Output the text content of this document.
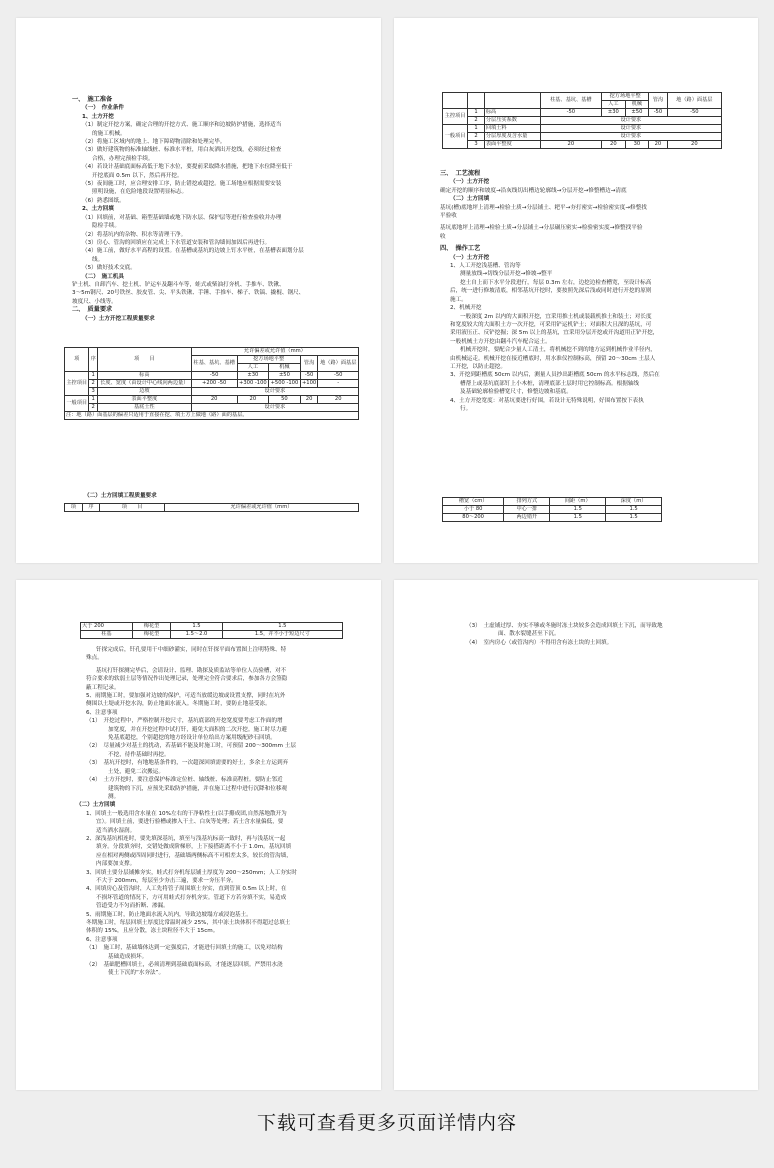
一、　施工准备

（一）　作业条件

1、土方开挖

（1）制定开挖方案，确定合理的开挖方式、施工顺序和边坡防护措施，选择适当

的施工机械。

（2）将施工区域内的地上、地下障碍物清除和处理完毕。

（3）做好建筑物的标准轴线桩、标准水平桩，用白灰洒出开挖线，必须经过检查

合格，办理完预检手续。

（4）若设计基础底面标高低于地下水位，要提前采取降水措施，把地下水位降至低于

开挖底面 0.5m 以下，然后再开挖。

（5）夜间施工时，应合理安排工序，防止错挖或超挖。施工场地应根据需要安装

照明设施，在危险地段设置明显标志。

（6）熟悉图纸。

2、土方回填

（1）回填前，对基础、箱型基础墙或地下防水层、保护层等进行检查验收并办理

隐检手续。

（2）将基坑内的杂物、积水等清理干净。

（3）房心、管沟的回填应在完成上下水管道安装和管沟墙间加固后再进行。

（4）施工前，做好水平高程的设置。在基槽或基坑的边坡上钉水平桩，在基槽表面划分层

线。

（5）做好技术交底。

（二）　施工机具

铲土机、自卸汽车、挖土机、铲运车及翻斗车等，蛙式或柴油打夯机、手推车、铁锹、

3～5m钢尺、20号铁丝、胶皮管、尖、平头铁锹、手锤、手推车、梯子、铁镐、撬棍、钢尺、

坡度尺、小线等。

二、　质量要求

（一）土方开挖工程质量要求

项	序	项　　目	允许偏差或允许值（mm）				
			柱基、基坑、基槽	挖方场地平整		管沟	地（路）面基层
				人工	机械		
主控项目	1	标高	-50	±30	±50	-50	-50
	2	长度、宽度（由设计中心线向两边量）	+200 -50	+300 -100	+500 -100	+100	-
	3	边坡	设计要求				
一般项目	1	表面平整度	20	20	50	20	20
	2	基底土性	设计要求				
注：地（路）面基层的偏差只适用于直接在挖、填土方上做地（路）面的基层。							

（二）土方回填工程质量要求

项	序	项　　目	允许偏差或允许值（mm）
			柱基、基坑、基槽	挖方场地平整		管沟	地（路）面基层
				人工	机械		
主控项目	1	标高	-50	±30	±50	-50	-50
	2	分层压实系数	设计要求				
一般项目	1	回填土料	设计要求				
	2	分层厚度及含水量	设计要求				
	3	表面平整度	20	20	30	20	20

三、　工艺流程

（一）土方开挖

确定开挖的顺序和坡度→沿灰线切出槽边轮廓线→分层开挖→修整槽边→清底

（二）土方回填

基坑(槽)底地坪上清理→检验土质→分层铺土、耙平→夯打密实→检验密实度→修整找

平验收

基坑底地坪上清理→检验土质→分层铺土→分层碾压密实→检验密实度→修整找平验

收

四、　操作工艺

（一）土方开挖

1、人工开挖浅基槽、管沟等

测量放线→切线分层开挖→修坡→整平

挖土自上而下水平分段进行，每层 0.3m 左右，边挖边检查槽宽，至设计标高

后，统一进行修坡清底，相邻基坑开挖时，要按照先深后浅或同时进行开挖的原则

施工。

2、机械开挖

一般深度 2m 以内的大面积开挖，宜采用推土机或装载机推土和装土；对长度

和宽度较大的大面积土方一次开挖，可采用铲运机铲土；对面积大且深的基坑，可

采用液压正、反铲挖掘；深 5m 以上的基坑，宜采用分层开挖或开沟道用正铲开挖，

一般机械土方开挖由翻斗汽车配合运土。

机械开挖时，要配合少量人工清土，将机械挖不到的地方运到机械作业半径内，

由机械运走。机械开挖在接近槽底时，用水准仪控制标高，预留 20～30cm 土层人

工开挖，以防止超挖。

3、开挖到距槽底 50cm 以内后，测量人员抄出距槽底 50cm 的水平标志线，然后在

槽帮上或基坑底部钉上小木桩，清理底部土层时用它控制标高。根据轴线

及基础轮廓检验槽宽尺寸，修整边坡和基底。

4、土方开挖宽度：对基坑要进行好围，若设计无特殊说明，好围布置按下表执

行。

槽宽（cm）	排列方式	间距（m）	深度（m）
小于 80	中心一排	1.5	1.5
80～200	两边错开	1.5	1.5
大于 200	梅花型	1.5	1.5
柱基	梅花型	1.5～2.0	1.5，并不小于短边尺寸

钎探完成后，钎孔要用干中细砂灌实，同时在钎探平面布置图上注明特殊、特

殊点。

基坑打钎探测完毕后，会请设计、监理、勘探及质监站等单位人员验槽，对不

符合要求的软弱土层等情况作出处理记录，处理完全符合要求后，参加各方会签隐

蔽工程记录。

5、雨期施工时，要加强对边坡的保护，可适当放缓边坡或设置支撑，同时在坑外

侧围以土堤或开挖水沟，防止地面水流入。冬期施工时，要防止地基受冻。

6、注意事项

（1）　开挖过程中，严格控制开挖尺寸，基坑底部的开挖宽度要考虑工作面的增

加宽度，并在开挖过程中试打钎，避免大面积的二次开挖。施工时尽力避

免基底超挖，个别超挖的地方经设计单位给出方案用级配砂石回填。

（2）　尽量减少对基土的扰动，若基础不能及时施工时，可预留 200～300mm 土层

不挖，待作基础时再挖。

（3）　基坑开挖时，有地地基条件的，一次超深回填需要的好土，多余土方运到弃

土处，避免二次搬运。

（4）　土方开挖时，要注意保护标准定位桩、轴线桩、标准高程桩。要防止邻近

建筑物的下沉，应预先采取防护措施，并在施工过程中进行沉降和位移观

测。

（二）土方回填

1、回填土一般选用含水量在 10%左右的干净粘性土(以手攥成团,自然落地散开为

宜）。回填土前，要进行验槽或掺入干土、白灰等处理；若土含水量偏低，要

适当洒水湿润。

2、深浅基坑相连时，要先填深基坑，填至与浅基坑标高一致时，再与浅基坑一起

填夯。分段填夯时，交错处做成阶梯形，上下接搭距离不小于 1.0m。基坑回填

应在相对两侧或四周同时进行，基础墙两侧标高不可相差太多，较长的管沟墙，

内部要加支撑。

3、回填土要分层铺摊夯实，蛙式打夯机每层铺土厚度为 200～250mm；人工夯实时

不大于 200mm，每层至少夯击三遍，要求一夯压半夯。

4、回填房心及管沟时，人工先将管子周围填土夯实，直到管顶 0.5m 以上时，在

不损坏管道的情况下，方可用蛙式打夯机夯实。管道下方若夯填不实，易造成

管道受力不匀而折断、渗漏。

5、雨期施工时，防止地面水流入坑内，导致边坡塌方或浸泡基土。

冬期施工时，每层回填土厚度比常温时减少 25%，其中冻土块体积不得超过总填土

体积的 15%，且应分散，冻土块粒径不大于 15cm。

6、注意事项

（1）　施工时，基础墙体达到一定强度后，才能进行回填土的施工，以免对结构

基础造成损坏。

（2）　基础肥槽回填土，必须清理到基础底面标高，才能逐层回填。严禁用水浇

使土下沉的“水夯法”。

（3）　土虚铺过厚、夯实不够或冬施时冻土块较多会造成回填土下沉，而导致地

面、散水裂缝甚至下沉。

（4）　室内房心（或管沟内）不得用含有冻土块的土回填。

下载可查看更多页面详情内容
